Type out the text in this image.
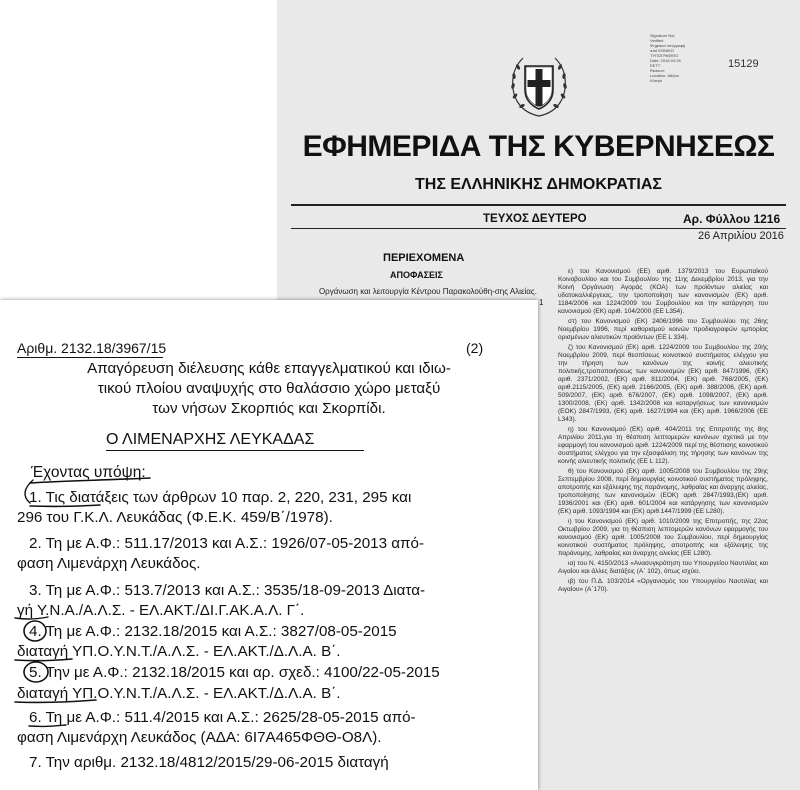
Signature Not
Verified
Ψηφιακά υπογραφή
από ΕΘΝΙΚΟ
ΤΥΠΟΓΡΑΦΕΙΟ
Date: 2016.04.26
ΕΕΤΤ
Reason:
Location: Αθήνα
Κύπρο
15129
ΕΦΗΜΕΡΙΔΑ ΤΗΣ ΚΥΒΕΡΝΗΣΕΩΣ
ΤΗΣ ΕΛΛΗΝΙΚΗΣ ΔΗΜΟΚΡΑΤΙΑΣ
ΤΕΥΧΟΣ ΔΕΥΤΕΡΟ	Αρ. Φύλλου 1216
26 Απριλίου 2016
ΠΕΡΙΕΧΟΜΕΝΑ
ΑΠΟΦΑΣΕΙΣ
Οργάνωση και λειτουργία Κέντρου Παρακολούθη-σης Αλιείας.
1

ε) του Κανονισμού (ΕΕ) αριθ. 1379/2013 του Ευρωπαϊκού Κοινοβουλίου και του Συμβουλίου της 11ης Δεκεμβρίου 2013, για την Κοινή Οργάνωση Αγοράς (ΚΟΑ) των προϊόντων αλιείας και υδατοκαλλιέργειας, την τροποποίηση των κανονισμών (ΕΚ) αριθ. 1184/2006 και 1224/2009 του Συμβουλίου και την κατάργηση του κανονισμού (ΕΚ) αριθ. 104/2000 (ΕΕ L354).

στ) του Κανονισμού (ΕΚ) 2406/1996 του Συμβουλίου της 26ης Νοεμβρίου 1996, περί καθορισμού κοινών προδιαγραφών εμπορίας ορισμένων αλιευτικών προϊόντων (ΕΕ L 334).

ζ) του Κανονισμού (ΕΚ) αριθ. 1224/2009 του Συμβουλίου της 20ής Νοεμβρίου 2009, περί θεσπίσεως κοινοτικού συστήματος ελέγχου για την τήρηση των κανόνων της κοινής αλιευτικής πολιτικής,τροποποιήσεως των κανονισμών (ΕΚ) αριθ. 847/1996, (ΕΚ) αριθ. 2371/2002, (ΕΚ) αριθ. 811/2004, (ΕΚ) αριθ. 768/2005, (ΕΚ) αριθ.2115/2005, (ΕΚ) αριθ. 2166/2005, (ΕΚ) αριθ. 388/2006, (ΕΚ) αριθ. 509/2007, (ΕΚ) αριθ. 676/2007, (ΕΚ) αριθ. 1098/2007, (ΕΚ) αριθ. 1300/2008, (ΕΚ) αριθ. 1342/2008 και καταργήσεως των κανονισμών (ΕΟΚ) 2847/1993, (ΕΚ) αριθ. 1627/1994 και (ΕΚ) αριθ. 1966/2006 (ΕΕ L343).

η) του Κανονισμού (ΕΚ) αριθ. 404/2011 της Επιτροπής της 8ης Απριλίου 2011,για τη θέσπιση λεπτομερών κανόνων σχετικά με την εφαρμογή του κανονισμού αριθ. 1224/2009 περί της θέσπισης κοινοτικού συστήματος ελέγχου για την εξασφάλιση της τήρησης των κανόνων της κοινής αλιευτικής πολιτικής (ΕΕ L 112).

θ) του Κανονισμού (ΕΚ) αριθ. 1005/2008 του Συμβουλίου της 29ης Σεπτεμβρίου 2008, περί δημιουργίας κοινοτικού συστήματος πρόληψης, αποτροπής και εξάλειψης της παράνομης, λαθραίας και άναρχης αλιείας, τροποποίησης των κανονισμών (ΕΟΚ) αριθ. 2847/1993,(ΕΚ) αριθ. 1936/2001 και (ΕΚ) αριθ. 601/2004 και κατάργησης των κανονισμών (ΕΚ) αριθ. 1093/1994 και (ΕΚ) αριθ.1447/1999 (ΕΕ L280).

ι) του Κανονισμού (ΕΚ) αριθ. 1010/2009 της Επιτροπής, της 22ας Οκτωβρίου 2009, για τη θέσπιση λεπτομερών κανόνων εφαρμογής του κανονισμού (ΕΚ) αριθ. 1005/2008 του Συμβουλίου, περί δημιουργίας κοινοτικού συστήματος πρόληψης, αποτροπής και εξάλειψης της παράνομης, λαθραίας και άναρχης αλιείας (ΕΕ L280).

ια) του Ν. 4150/2013 «Ανασυγκρότηση του Υπουργείου Ναυτιλίας και Αιγαίου και άλλες διατάξεις (Α΄ 102), όπως ισχύει.

ιβ) του Π.Δ. 103/2014 «Οργανισμός του Υπουργείου Ναυτιλίας και Αιγαίου» (Α΄170).

Αριθμ. 2132.18/3967/15	(2)
Απαγόρευση διέλευσης κάθε επαγγελματικού και ιδιω-
τικού πλοίου αναψυχής στο θαλάσσιο χώρο μεταξύ
των νήσων Σκορπιός και Σκορπίδι.
Ο ΛΙΜΕΝΑΡΧΗΣ ΛΕΥΚΑΔΑΣ
Έχοντας υπόψη:
1. Τις διατάξεις των άρθρων 10 παρ. 2, 220, 231, 295 και
296 του Γ.Κ.Λ. Λευκάδας (Φ.Ε.Κ. 459/Β΄/1978).
2. Τη με Α.Φ.: 511.17/2013 και Α.Σ.: 1926/07-05-2013 από-
φαση Λιμενάρχη Λευκάδος.
3. Τη με Α.Φ.: 513.7/2013 και Α.Σ.: 3535/18-09-2013 Διατα-
γή Υ.Ν.Α./Α.Λ.Σ. - ΕΛ.ΑΚΤ./ΔΙ.Γ.ΑΚ.Α.Λ. Γ΄.
4. Τη με Α.Φ.: 2132.18/2015 και Α.Σ.: 3827/08-05-2015
διαταγή ΥΠ.Ο.Υ.Ν.Τ./Α.Λ.Σ. - ΕΛ.ΑΚΤ./Δ.Λ.Α. Β΄.
5. Την με Α.Φ.: 2132.18/2015 και αρ. σχεδ.: 4100/22-05-2015
διαταγή ΥΠ.Ο.Υ.Ν.Τ./Α.Λ.Σ. - ΕΛ.ΑΚΤ./Δ.Λ.Α. Β΄.
6. Τη με Α.Φ.: 511.4/2015 και Α.Σ.: 2625/28-05-2015 από-
φαση Λιμενάρχη Λευκάδος (ΑΔΑ: 6Ι7Α465ΦΘΘ-Ο8Λ).
7. Την αριθμ. 2132.18/4812/2015/29-06-2015 διαταγή
